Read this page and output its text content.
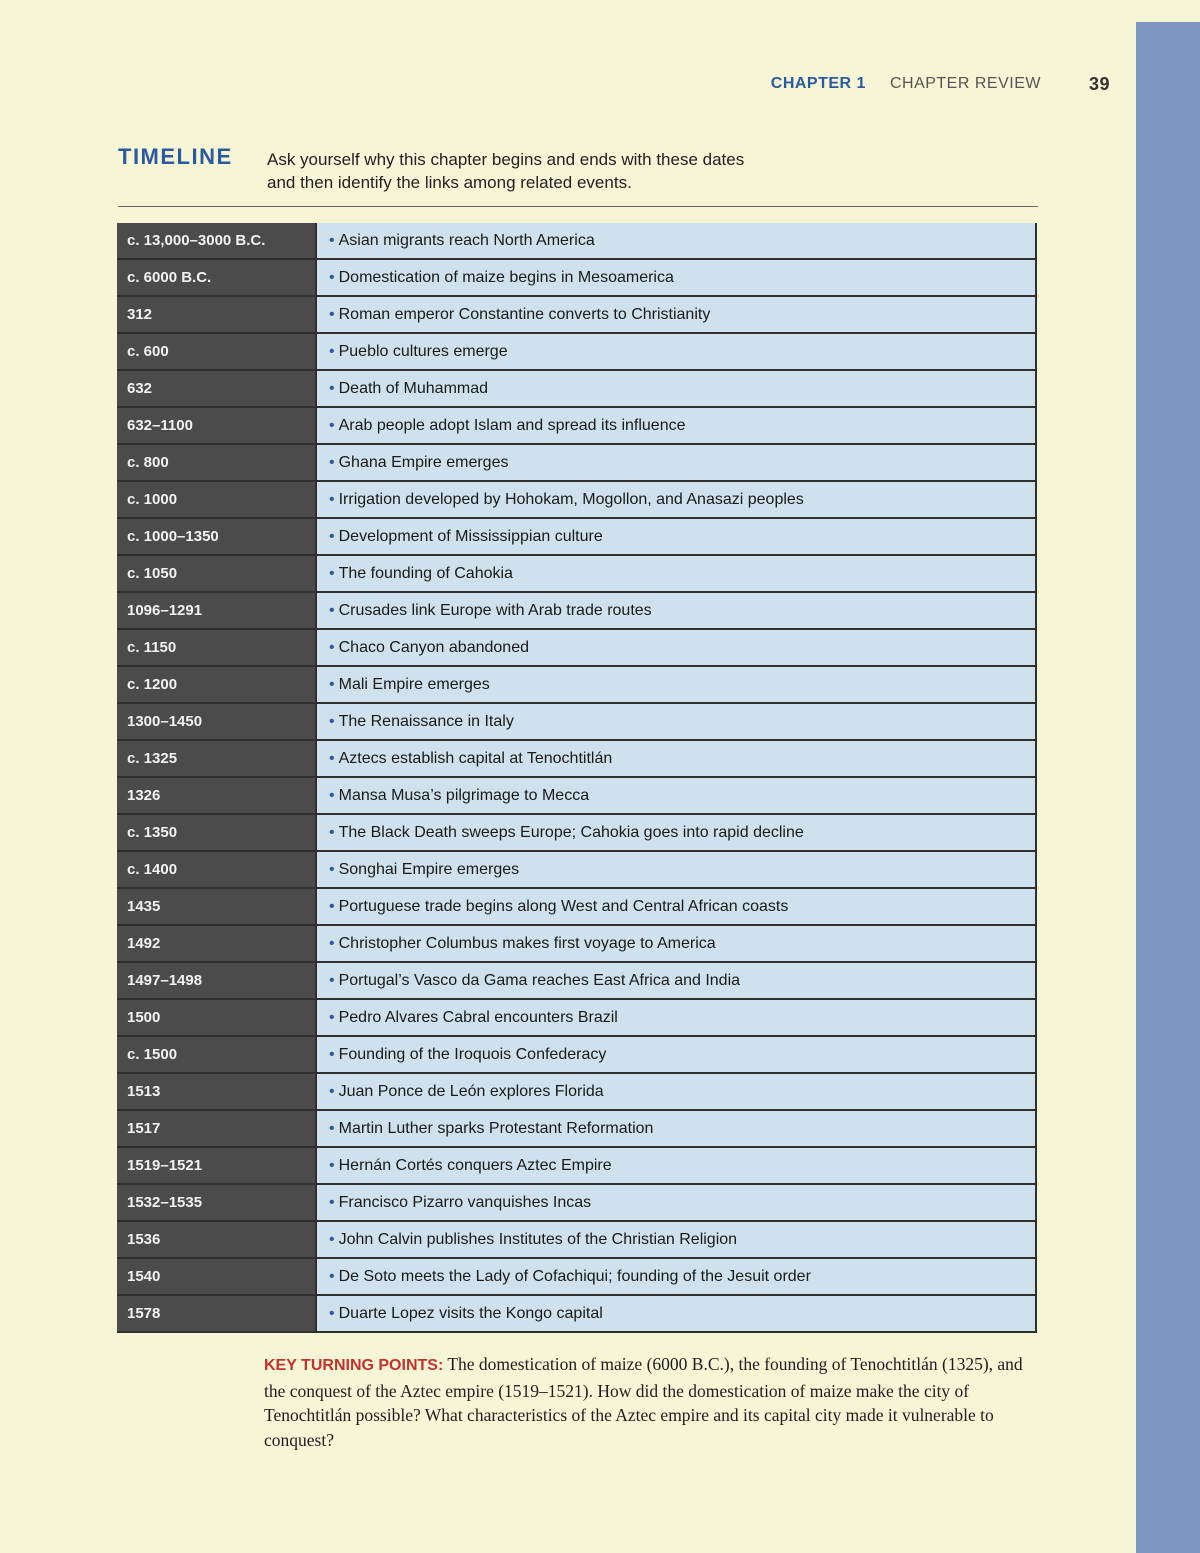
CHAPTER 1 CHAPTER REVIEW	39
TIMELINE Ask yourself why this chapter begins and ends with these dates
and then identify the links among related events.
c. 13,000–3000 B.C.	• Asian migrants reach North America
c. 6000 B.C.	• Domestication of maize begins in Mesoamerica
312	• Roman emperor Constantine converts to Christianity
c. 600	• Pueblo cultures emerge
632	• Death of Muhammad
632–1100	• Arab people adopt Islam and spread its influence
c. 800	• Ghana Empire emerges
c. 1000	• Irrigation developed by Hohokam, Mogollon, and Anasazi peoples
c. 1000–1350	• Development of Mississippian culture
c. 1050	• The founding of Cahokia
1096–1291	• Crusades link Europe with Arab trade routes
c. 1150	• Chaco Canyon abandoned
c. 1200	• Mali Empire emerges
1300–1450	• The Renaissance in Italy
c. 1325	• Aztecs establish capital at Tenochtitlán
1326	• Mansa Musa’s pilgrimage to Mecca
c. 1350	• The Black Death sweeps Europe; Cahokia goes into rapid decline
c. 1400	• Songhai Empire emerges
1435	• Portuguese trade begins along West and Central African coasts
1492	• Christopher Columbus makes first voyage to America
1497–1498	• Portugal’s Vasco da Gama reaches East Africa and India
1500	• Pedro Alvares Cabral encounters Brazil
c. 1500	• Founding of the Iroquois Confederacy
1513	• Juan Ponce de León explores Florida
1517	• Martin Luther sparks Protestant Reformation
1519–1521	• Hernán Cortés conquers Aztec Empire
1532–1535	• Francisco Pizarro vanquishes Incas
1536	• John Calvin publishes Institutes of the Christian Religion
1540	• De Soto meets the Lady of Cofachiqui; founding of the Jesuit order
1578	• Duarte Lopez visits the Kongo capital
KEY TURNING POINTS: The domestication of maize (6000 B.C.), the founding of Tenochtitlán (1325), and the conquest of the Aztec empire (1519–1521). How did the domestication of maize make the city of Tenochtitlán possible? What characteristics of the Aztec empire and its capital city made it vulnerable to conquest?
